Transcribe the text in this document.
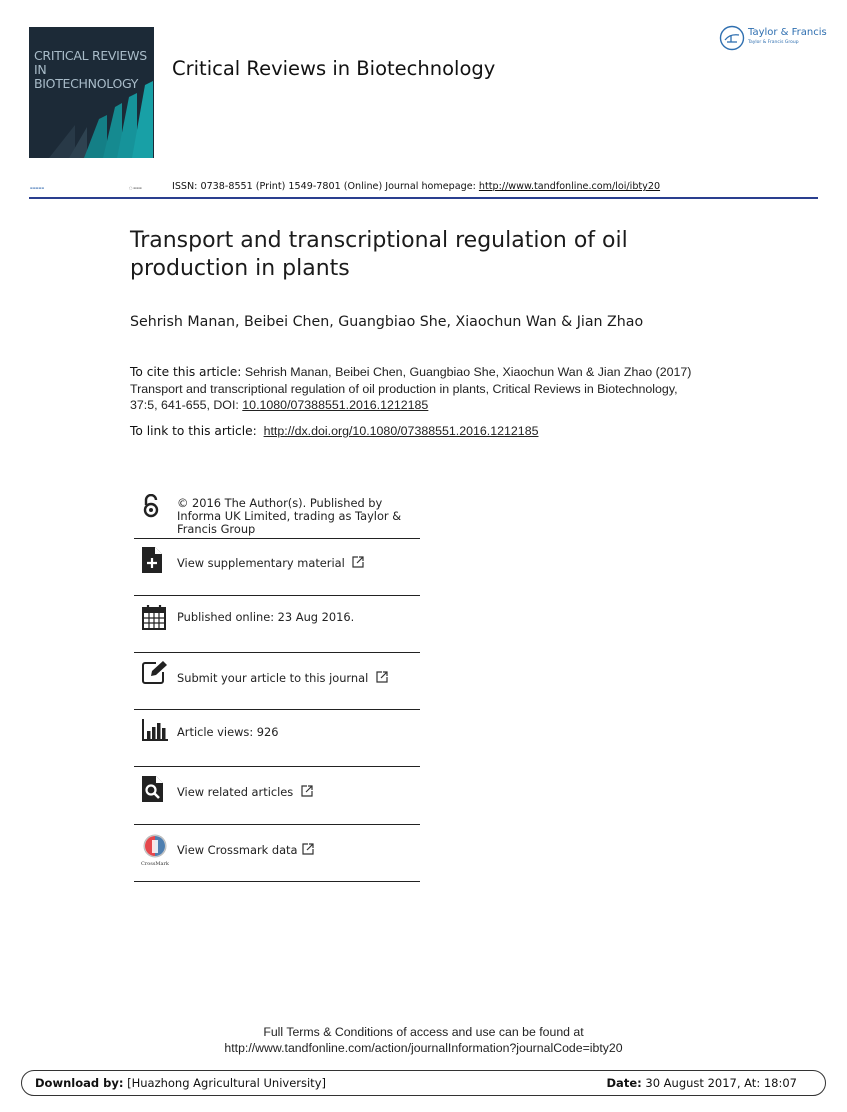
CRITICAL REVIEWS
IN BIOTECHNOLOGY
Critical Reviews in Biotechnology
Taylor & Francis
Taylor & Francis Group
▬▬▬▬▬	◯ ▬▬▬	ISSN: 0738-8551 (Print) 1549-7801 (Online) Journal homepage: http://www.tandfonline.com/loi/ibty20
Transport and transcriptional regulation of oil production in plants
Sehrish Manan, Beibei Chen, Guangbiao She, Xiaochun Wan & Jian Zhao
To cite this article: Sehrish Manan, Beibei Chen, Guangbiao She, Xiaochun Wan & Jian Zhao (2017) Transport and transcriptional regulation of oil production in plants, Critical Reviews in Biotechnology, 37:5, 641-655, DOI: 10.1080/07388551.2016.1212185
To link to this article: http://dx.doi.org/10.1080/07388551.2016.1212185
© 2016 The Author(s). Published by Informa UK Limited, trading as Taylor & Francis Group
View supplementary material
Published online: 23 Aug 2016.
Submit your article to this journal
Article views: 926
View related articles
CrossMark
View Crossmark data
Full Terms & Conditions of access and use can be found at
http://www.tandfonline.com/action/journalInformation?journalCode=ibty20
Download by: [Huazhong Agricultural University]	Date: 30 August 2017, At: 18:07
